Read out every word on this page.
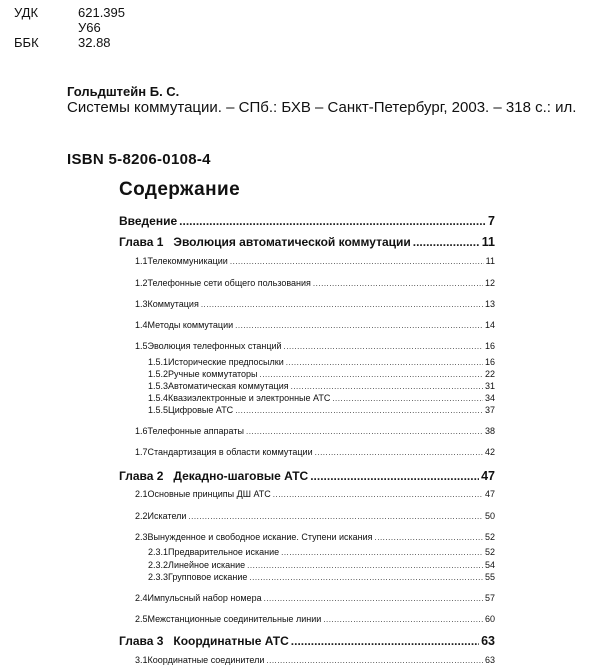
УДК	621.395
У66
ББК	32.88
Гольдштейн Б. С.
Системы коммутации. – СПб.: БХВ – Санкт-Петербург, 2003. – 318 с.: ил.
ISBN 5-8206-0108-4
Содержание
Введение .....	7
Глава 1 Эволюция автоматической коммутации .....	11
1.1 Телекоммуникации .....	11
1.2 Телефонные сети общего пользования .....	12
1.3 Коммутация .....	13
1.4 Методы коммутации .....	14
1.5 Эволюция телефонных станций .....	16
1.5.1 Исторические предпосылки .....	16
1.5.2 Ручные коммутаторы .....	22
1.5.3 Автоматическая коммутация .....	31
1.5.4 Квазиэлектронные и электронные АТС .....	34
1.5.5 Цифровые АТС .....	37
1.6 Телефонные аппараты .....	38
1.7 Стандартизация в области коммутации .....	42
Глава 2 Декадно-шаговые АТС .....	47
2.1 Основные принципы ДШ АТС .....	47
2.2 Искатели .....	50
2.3 Вынужденное и свободное искание. Ступени искания .....	52
2.3.1 Предварительное искание .....	52
2.3.2 Линейное искание .....	54
2.3.3 Групповое искание .....	55
2.4 Импульсный набор номера .....	57
2.5 Межстанционные соединительные линии .....	60
Глава 3 Координатные АТС .....	63
3.1 Координатные соединители .....	63
